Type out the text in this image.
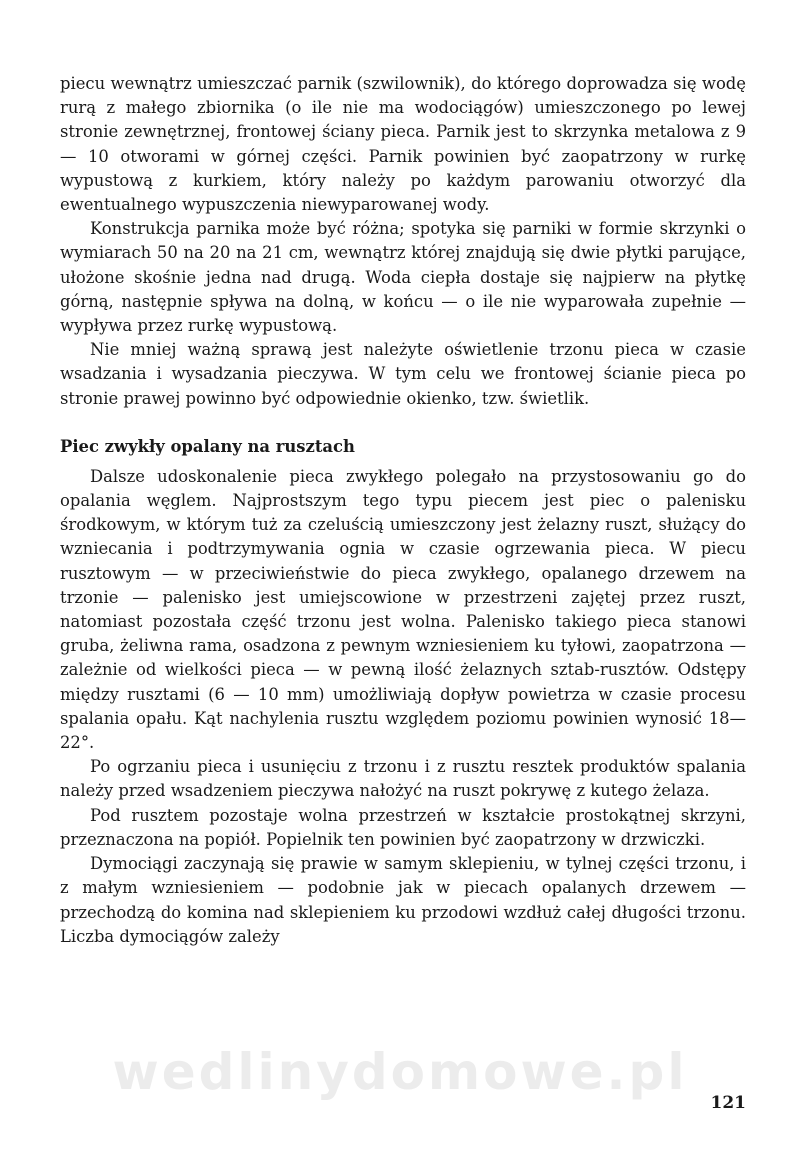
piecu wewnątrz umieszczać parnik (szwilownik), do którego doprowadza się wodę rurą z małego zbiornika (o ile nie ma wodociągów) umieszczonego po lewej stronie zewnętrznej, frontowej ściany pieca. Parnik jest to skrzynka metalowa z 9 — 10 otworami w górnej części. Parnik powinien być zaopatrzony w rurkę wypustową z kurkiem, który należy po każdym parowaniu otworzyć dla ewentualnego wypuszczenia niewyparowanej wody.

Konstrukcja parnika może być różna; spotyka się parniki w formie skrzynki o wymiarach 50 na 20 na 21 cm, wewnątrz której znajdują się dwie płytki parujące, ułożone skośnie jedna nad drugą. Woda ciepła dostaje się najpierw na płytkę górną, następnie spływa na dolną, w końcu — o ile nie wyparowała zupełnie — wypływa przez rurkę wypustową.

Nie mniej ważną sprawą jest należyte oświetlenie trzonu pieca w czasie wsadzania i wysadzania pieczywa. W tym celu we frontowej ścianie pieca po stronie prawej powinno być odpowiednie okienko, tzw. świetlik.

Piec zwykły opalany na rusztach

Dalsze udoskonalenie pieca zwykłego polegało na przystosowaniu go do opalania węglem. Najprostszym tego typu piecem jest piec o palenisku środkowym, w którym tuż za czeluścią umieszczony jest żelazny ruszt, służący do wzniecania i podtrzymywania ognia w czasie ogrzewania pieca. W piecu rusztowym — w przeciwieństwie do pieca zwykłego, opalanego drzewem na trzonie — palenisko jest umiejscowione w przestrzeni zajętej przez ruszt, natomiast pozostała część trzonu jest wolna. Palenisko takiego pieca stanowi gruba, żeliwna rama, osadzona z pewnym wzniesieniem ku tyłowi, zaopatrzona — zależnie od wielkości pieca — w pewną ilość żelaznych sztab-rusztów. Odstępy między rusztami (6 — 10 mm) umożliwiają dopływ powietrza w czasie procesu spalania opału. Kąt nachylenia rusztu względem poziomu powinien wynosić 18—22°.

Po ogrzaniu pieca i usunięciu z trzonu i z rusztu resztek produktów spalania należy przed wsadzeniem pieczywa nałożyć na ruszt pokrywę z kutego żelaza.

Pod rusztem pozostaje wolna przestrzeń w kształcie prostokątnej skrzyni, przeznaczona na popiół. Popielnik ten powinien być zaopatrzony w drzwiczki.

Dymociągi zaczynają się prawie w samym sklepieniu, w tylnej części trzonu, i z małym wzniesieniem — podobnie jak w piecach opalanych drzewem — przechodzą do komina nad sklepieniem ku przodowi wzdłuż całej długości trzonu. Liczba dymociągów zależy

wedlinydomowe.pl
121
